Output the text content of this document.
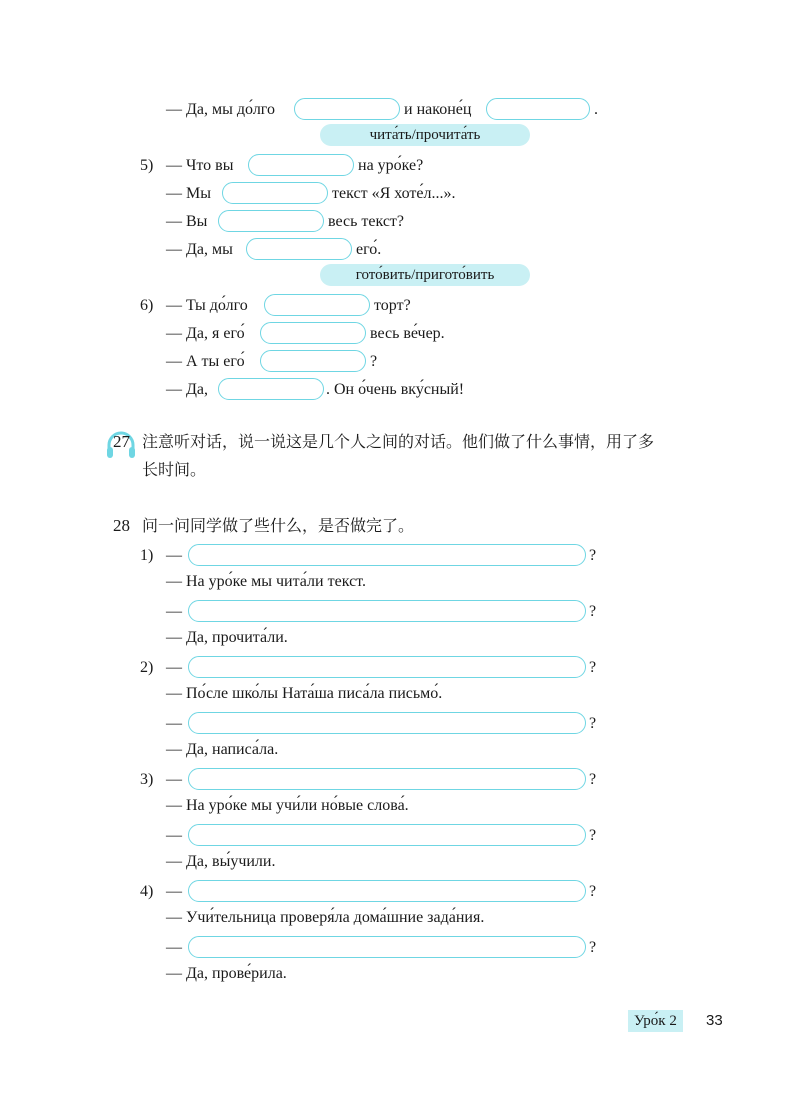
— Да, мы до́лго	и наконе́ц	.
чита́ть/прочита́ть
5) — Что вы	на уро́ке?
— Мы	текст «Я хоте́л...».
— Вы	весь текст?
— Да, мы	его́.
гото́вить/пригото́вить
6) — Ты до́лго	торт?
— Да, я его́	весь ве́чер.
— А ты его́	?
— Да,	. Он о́чень вку́сный!
27 注意听对话，说一说这是几个人之间的对话。他们做了什么事情，用了多
长时间。
28 问一问同学做了些什么，是否做完了。
1) —	?
— На уро́ке мы чита́ли текст.
—	?
— Да, прочита́ли.
2) —	?
— По́сле шко́лы Ната́ша писа́ла письмо́.
—	?
— Да, написа́ла.
3) —	?
— На уро́ке мы учи́ли но́вые слова́.
—	?
— Да, вы́учили.
4) —	?
— Учи́тельница проверя́ла дома́шние зада́ния.
—	?
— Да, прове́рила.
Уро́к 2	33
